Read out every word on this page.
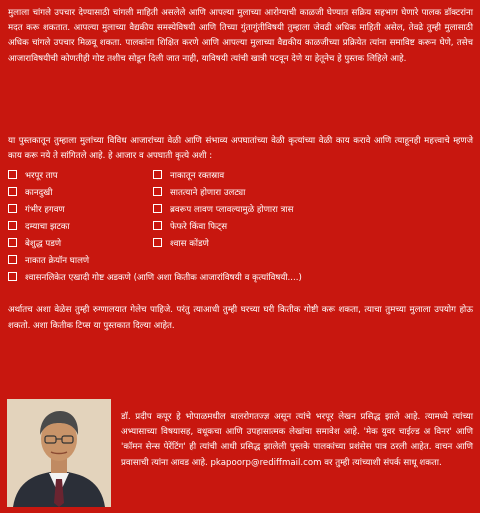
मुलाला चांगले उपचार देण्यासाठी चांगली माहिती असलेले आणि आपल्या मुलाच्या आरोग्याची काळजी घेण्यात सक्रिय सहभाग घेणारे पालक डॉक्टरांना मदत करू शकतात. आपल्या मुलाच्या वैद्यकीय समस्येविषयी आणि तिच्या गुंतागुंतीविषयी तुम्हाला जेवढी अधिक माहिती असेल, तेवढे तुम्ही मुलासाठी अधिक चांगले उपचार मिळवू शकता. पालकांना शिक्षित करणे आणि आपल्या मुलाच्या वैद्यकीय काळजीच्या प्रक्रियेत त्यांना समाविष्ट करून घेणे, तसेच आजाराविषयीची कोणतीही गोष्ट तशीच सोडून दिली जात नाही, याविषयी त्यांची खात्री पटवून देणे या हेतूनेच हे पुस्तक लिहिले आहे.

या पुस्तकातून तुम्हाला मुलांच्या विविध आजारांच्या वेळी आणि संभाव्य अपघातांच्या वेळी कृत्यांच्या वेळी काय करावे आणि त्याहूनही महत्त्वाचे म्हणजे काय करू नये ते सांगितले आहे. हे आजार व अपघाती कृत्ये अशी :

भरपूर ताप	नाकातून रक्तस्राव
कानदुखी	सातत्याने होणारा उलट्या
गंभीर हगवण	ब्रवरूप लावण प्लावल्यामुळे होणारा त्रास
दम्याचा झटका	फेफरे किंवा फिट्स
बेशुद्ध पडणे	श्वास कोंडणे
नाकात क्रेयॉन घालणे
श्वासनलिकेत एखादी गोष्ट अडकणे (आणि अशा कितीक आजारांविषयी व कृत्यांविषयी....)

अर्थातच अशा वेळेस तुम्ही रुग्णालयात गेलेच पाहिजे. परंतु त्याआधी तुम्ही घरच्या घरी कितीक गोष्टी करू शकता, त्याचा तुमच्या मुलाला उपयोग होऊ शकतो. अशा कितीक टिप्स या पुस्तकात दिल्या आहेत.

डॉ. प्रदीप कपूर हे भोपाळमधील बालरोगतज्ज्ञ असून त्यांचे भरपूर लेखन प्रसिद्ध झाले आहे. त्यामध्ये त्यांच्या अभ्यासाच्या विषयासह, वधूकचा आणि उपहासात्मक लेखांचा समावेश आहे. 'मेक युवर चाईल्ड अ विनर' आणि 'कॉमन सेन्स पेरेंटिंग' ही त्यांची आधी प्रसिद्ध झालेली पुस्तके पालकांच्या प्रशंसेस पात्र ठरली आहेत. वाचन आणि प्रवासाची त्यांना आवड आहे. pkapoorp@rediffmail.com वर तुम्ही त्यांच्याशी संपर्क साधू शकता.
